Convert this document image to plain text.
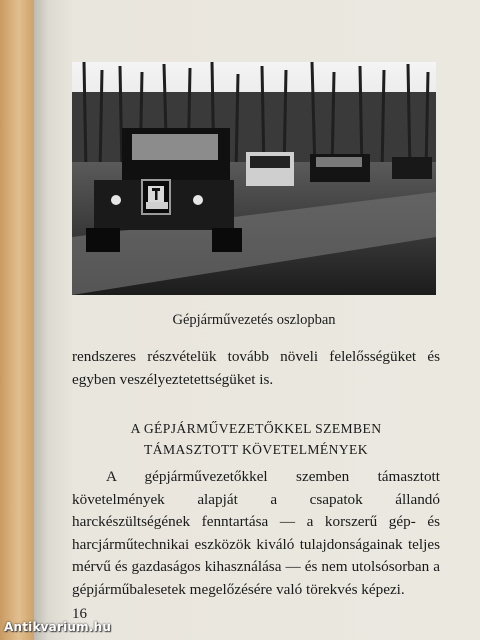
Gépjárművezetés oszlopban

rendszeres részvételük tovább növeli felelősségüket és egyben veszélyeztetettségüket is.

A GÉPJÁRMŰVEZETŐKKEL SZEMBEN
TÁMASZTOTT KÖVETELMÉNYEK

A gépjárművezetőkkel szemben támasztott követelmények alapját a csapatok állandó harckészültségének fenntartása — a korszerű gép- és harcjárműtechnikai eszközök kiváló tulajdonságainak teljes mérvű és gazdaságos kihasználása — és nem utolsósorban a gépjárműbalesetek megelőzésére való törekvés képezi.

16
Antikvarium.hu
